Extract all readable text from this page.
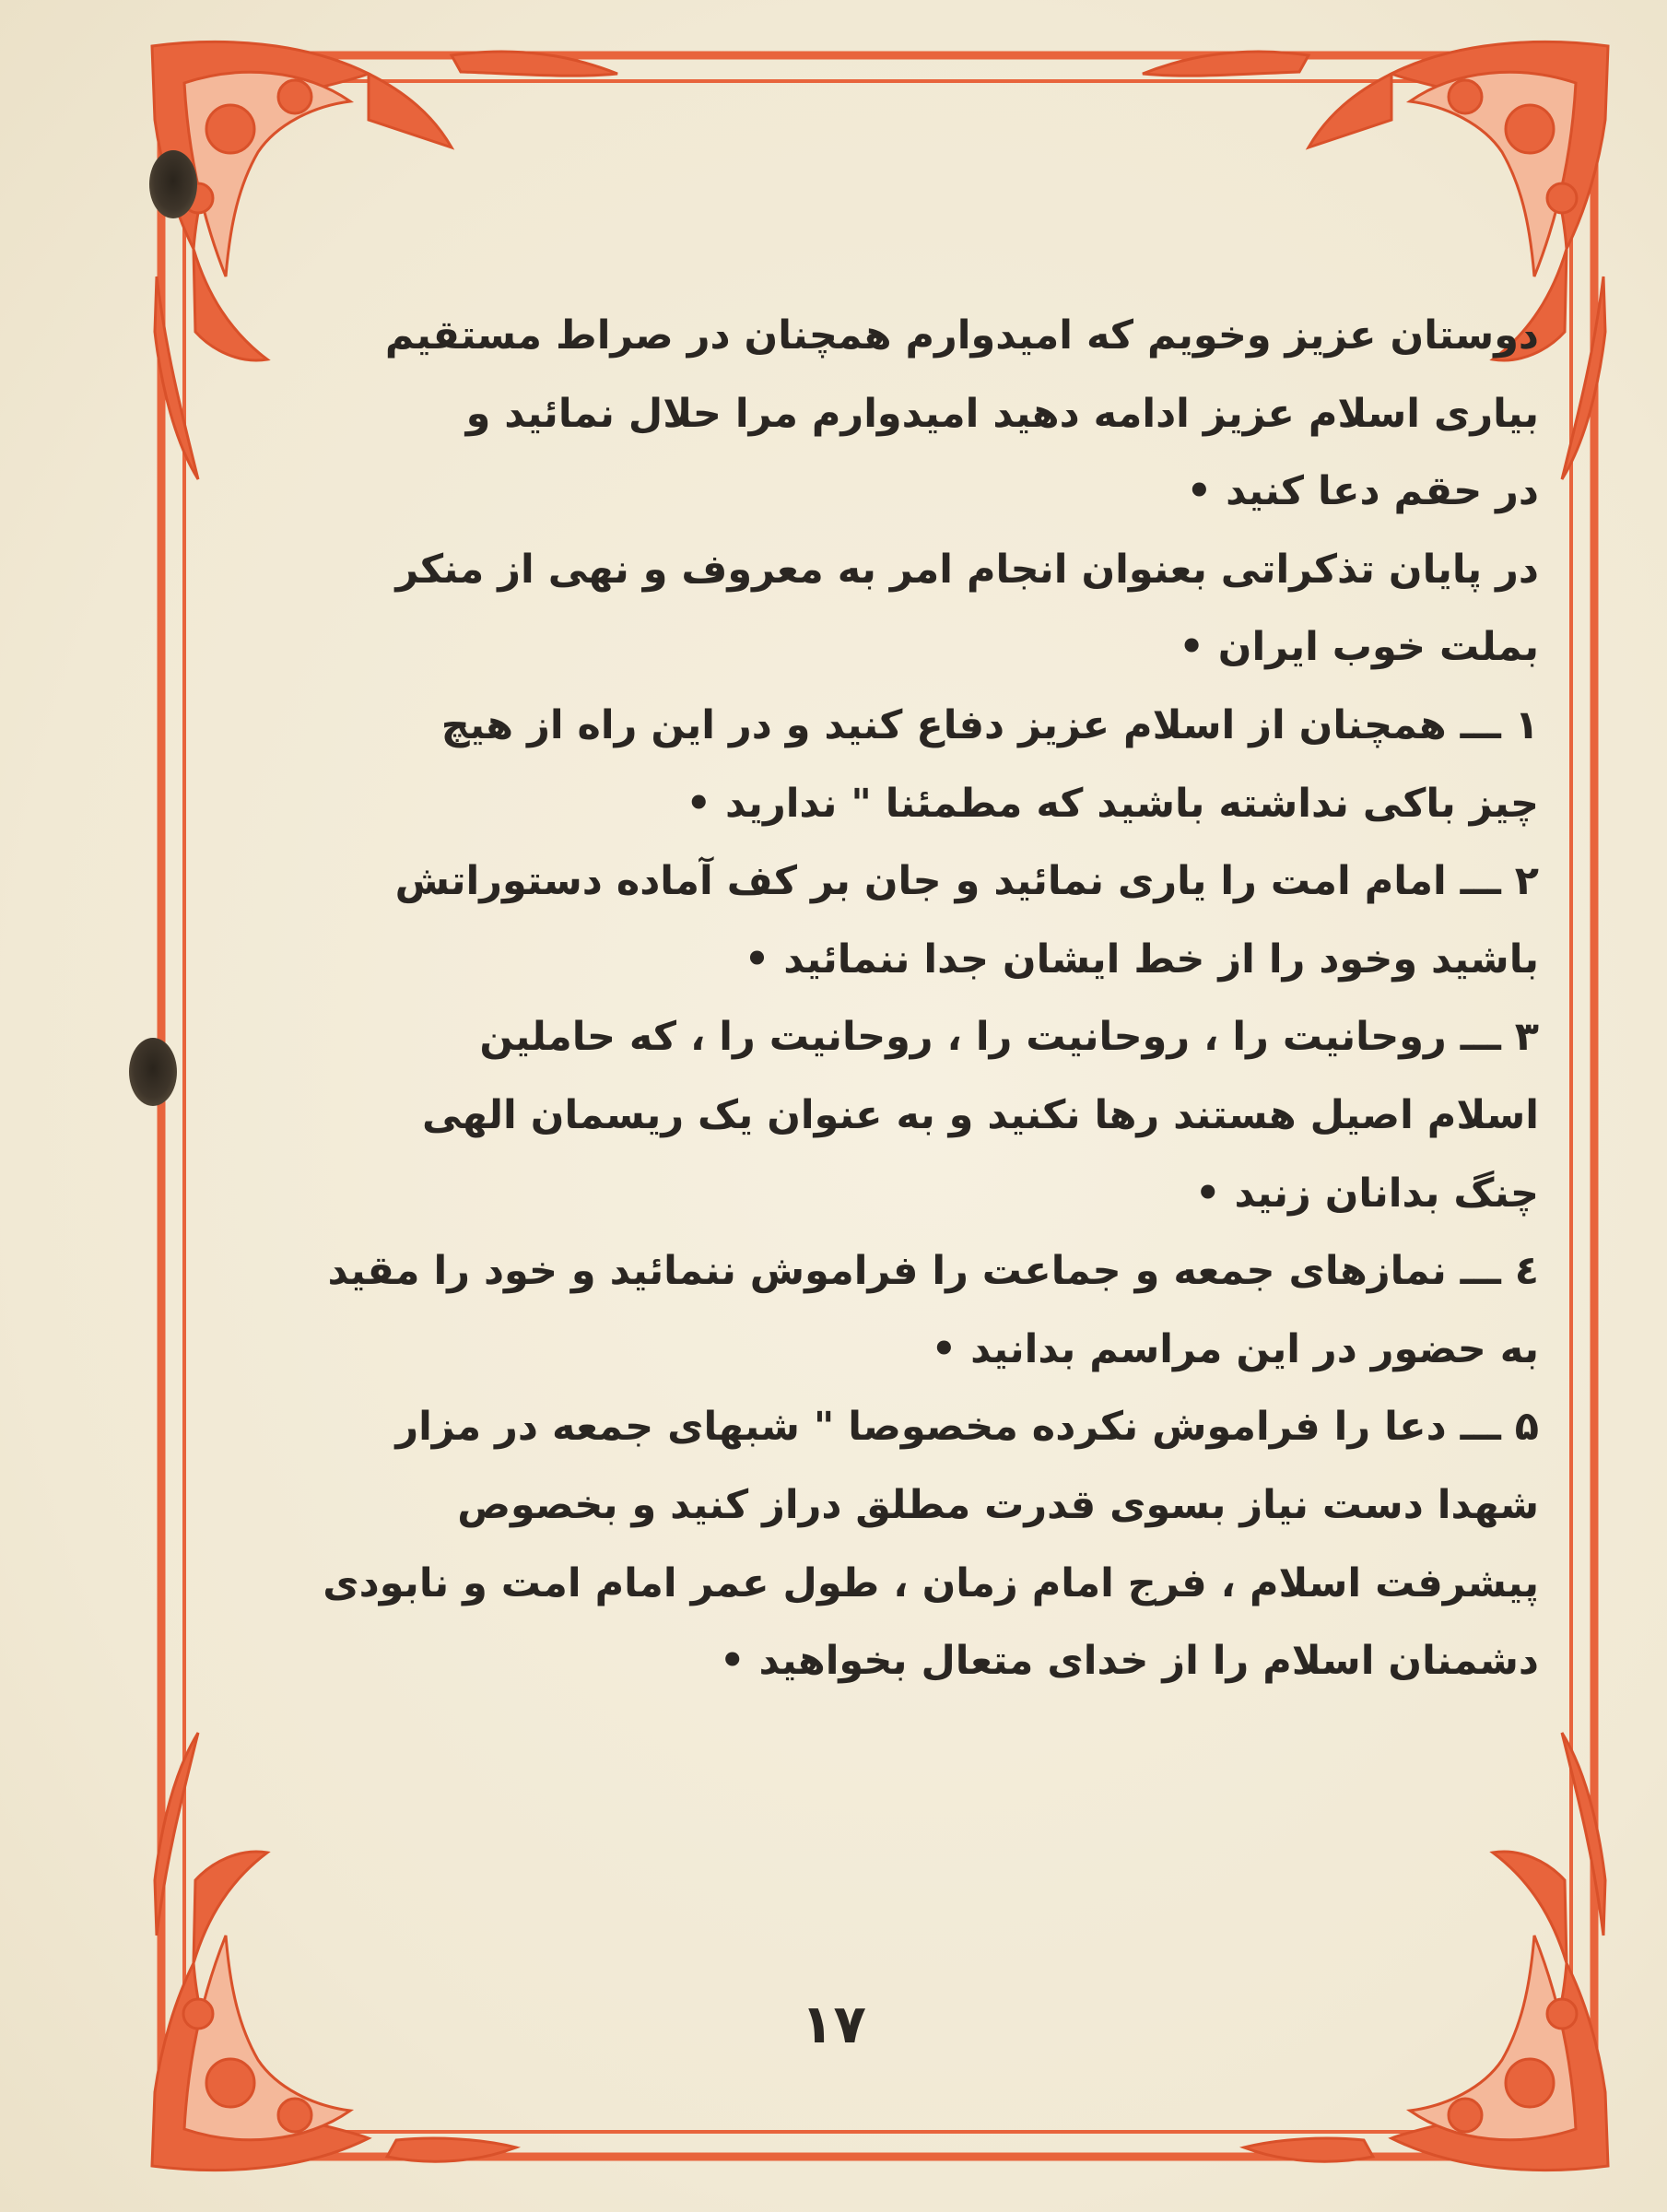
دوستان عزیز وخویم که امیدوارم همچنان در صراط مستقیم
بیاری اسلام عزیز ادامه دهید امیدوارم مرا حلال نمائید و
در حقم دعا کنید •
در پایان تذکراتی بعنوان انجام امر به معروف و نهی از منکر
بملت خوب ایران •
۱ ـــ همچنان از اسلام عزیز دفاع کنید و در این راه از هیچ
چیز باکی نداشته باشید که مطمئنا " ندارید •
۲ ـــ امام امت را یاری نمائید و جان بر کف آماده دستوراتش
باشید وخود را از خط ایشان جدا ننمائید •
۳ ـــ روحانیت را ، روحانیت را ، روحانیت را ، که حاملین
اسلام اصیل هستند رها نکنید و به عنوان یک ریسمان الهی
چنگ بدانان زنید •
٤ ـــ نمازهای جمعه و جماعت را فراموش ننمائید و خود را مقید
به حضور در این مراسم بدانید •
۵ ـــ دعا را فراموش نکرده مخصوصا " شبهای جمعه در مزار
شهدا دست نیاز بسوی قدرت مطلق دراز کنید و بخصوص
پیشرفت اسلام ، فرج امام زمان ، طول عمر امام امت و نابودی
دشمنان اسلام را از خدای متعال بخواهید •
۱۷
